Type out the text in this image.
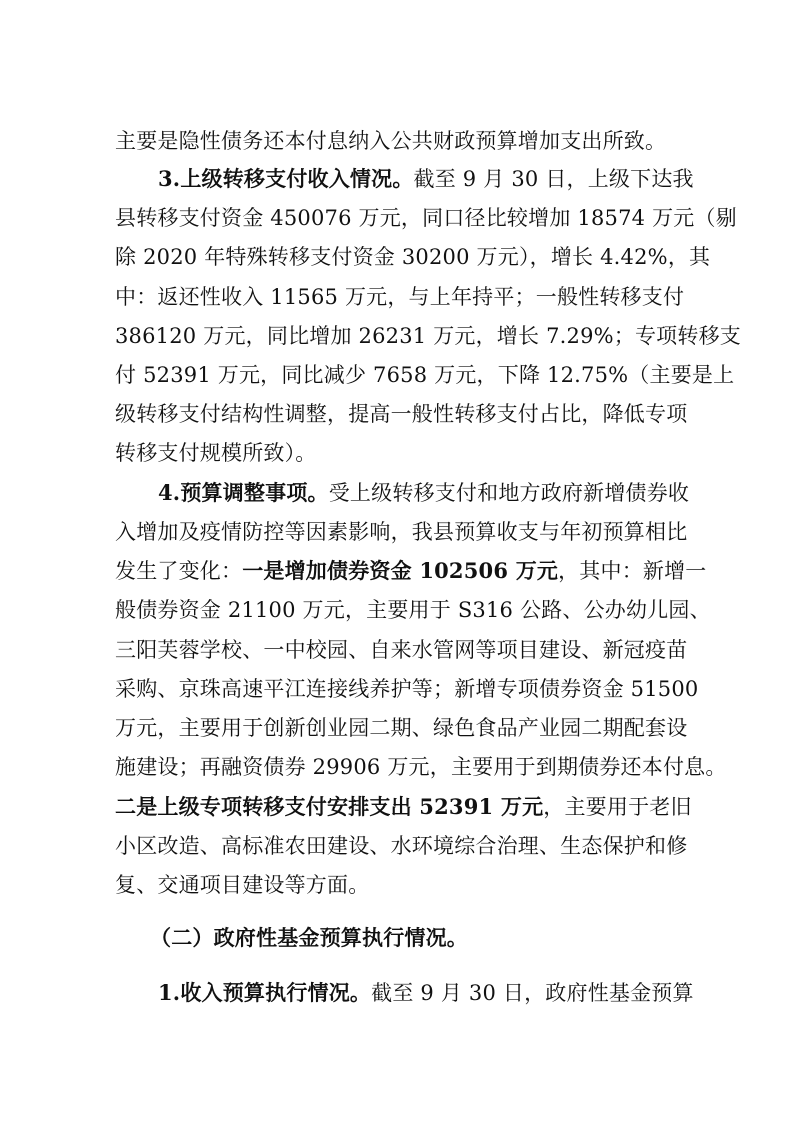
主要是隐性债务还本付息纳入公共财政预算增加支出所致。
3.上级转移支付收入情况。截至 9 月 30 日，上级下达我
县转移支付资金 450076 万元，同口径比较增加 18574 万元（剔
除 2020 年特殊转移支付资金 30200 万元），增长 4.42%，其
中：返还性收入 11565 万元，与上年持平；一般性转移支付
386120 万元，同比增加 26231 万元，增长 7.29%；专项转移支
付 52391 万元，同比减少 7658 万元，下降 12.75%（主要是上
级转移支付结构性调整，提高一般性转移支付占比，降低专项
转移支付规模所致）。
4.预算调整事项。受上级转移支付和地方政府新增债券收
入增加及疫情防控等因素影响，我县预算收支与年初预算相比
发生了变化：一是增加债券资金 102506 万元，其中：新增一
般债券资金 21100 万元，主要用于 S316 公路、公办幼儿园、
三阳芙蓉学校、一中校园、自来水管网等项目建设、新冠疫苗
采购、京珠高速平江连接线养护等；新增专项债券资金 51500
万元，主要用于创新创业园二期、绿色食品产业园二期配套设
施建设；再融资债券 29906 万元，主要用于到期债券还本付息。
二是上级专项转移支付安排支出 52391 万元，主要用于老旧
小区改造、高标准农田建设、水环境综合治理、生态保护和修
复、交通项目建设等方面。
（二）政府性基金预算执行情况。
1.收入预算执行情况。截至 9 月 30 日，政府性基金预算
